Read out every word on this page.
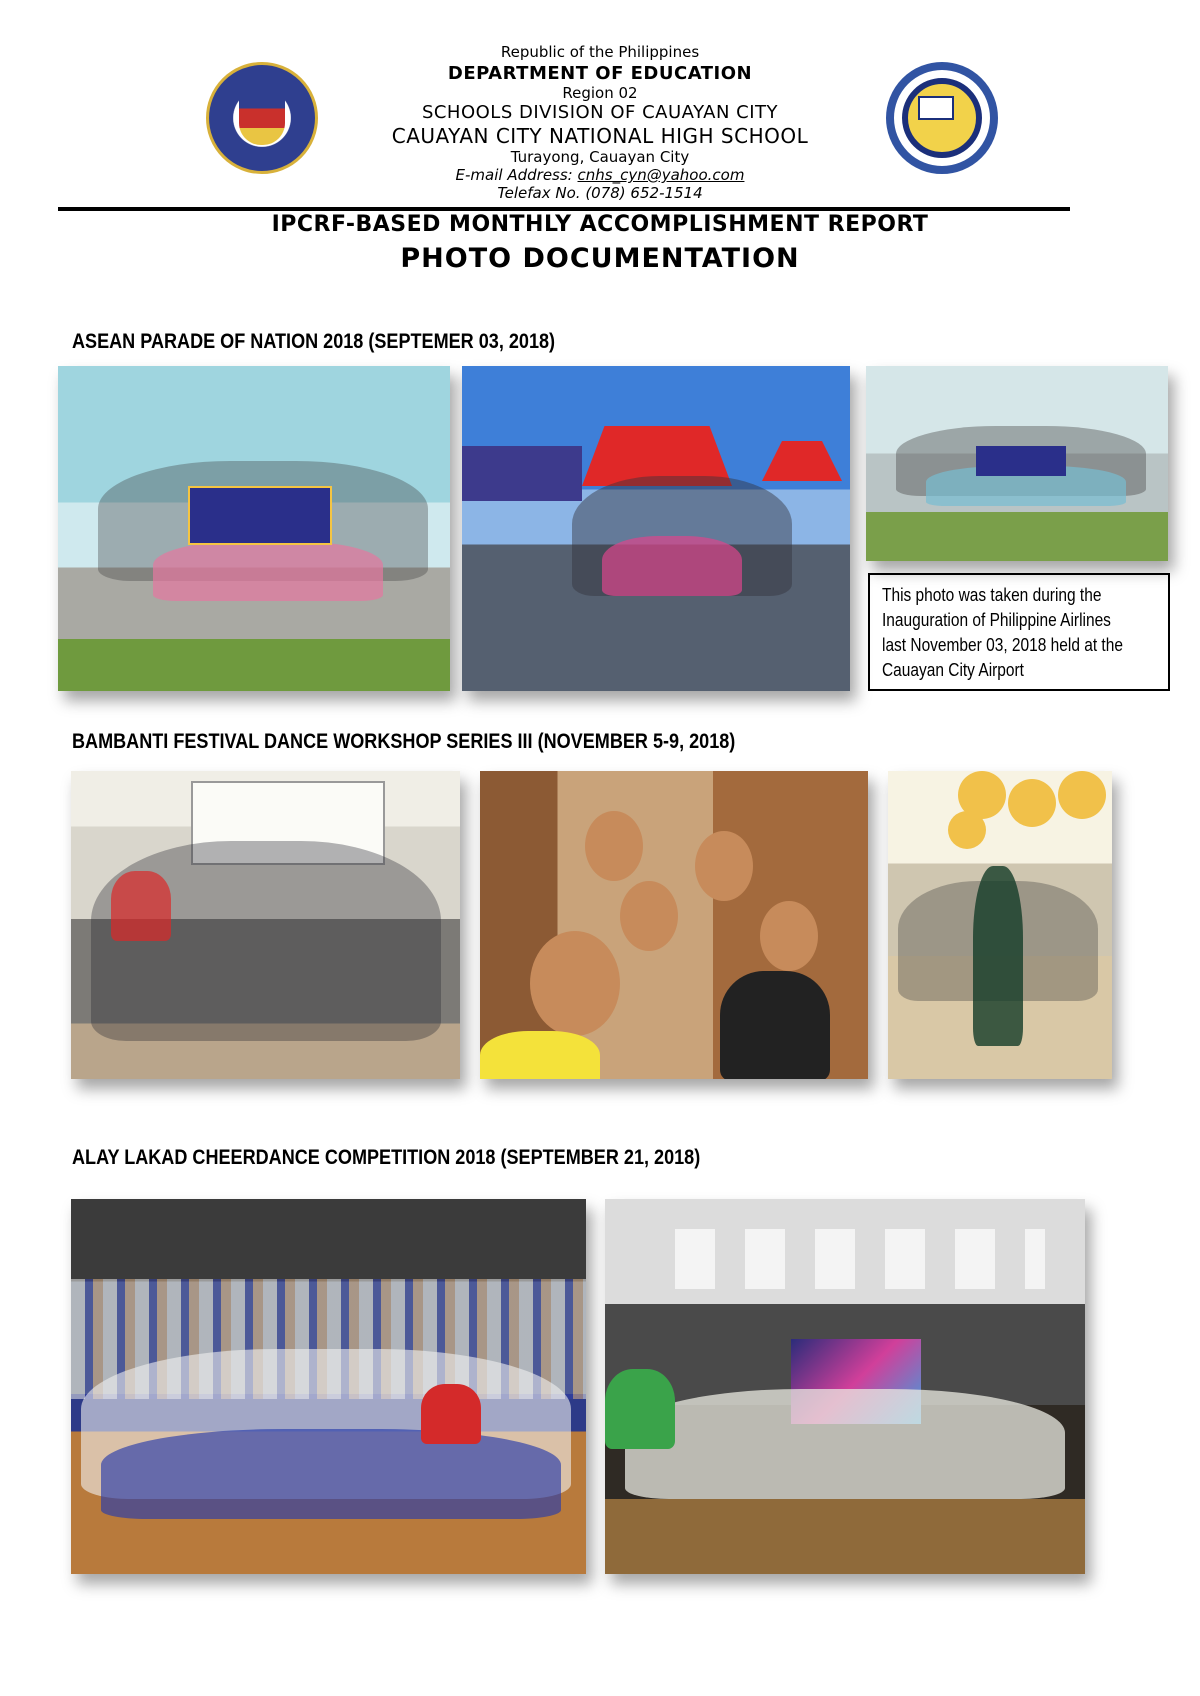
Republic of the Philippines
DEPARTMENT OF EDUCATION
Region 02
SCHOOLS DIVISION OF CAUAYAN CITY
CAUAYAN CITY NATIONAL HIGH SCHOOL
Turayong, Cauayan City
E-mail Address: cnhs_cyn@yahoo.com
Telefax No. (078) 652-1514
IPCRF-BASED MONTHLY ACCOMPLISHMENT REPORT
PHOTO DOCUMENTATION
ASEAN PARADE OF NATION 2018 (SEPTEMER 03, 2018)
This photo was taken during the
Inauguration of Philippine Airlines
last November 03, 2018 held at the
Cauayan City Airport
BAMBANTI FESTIVAL DANCE WORKSHOP SERIES III (NOVEMBER 5-9, 2018)
ALAY LAKAD CHEERDANCE COMPETITION 2018 (SEPTEMBER 21, 2018)
